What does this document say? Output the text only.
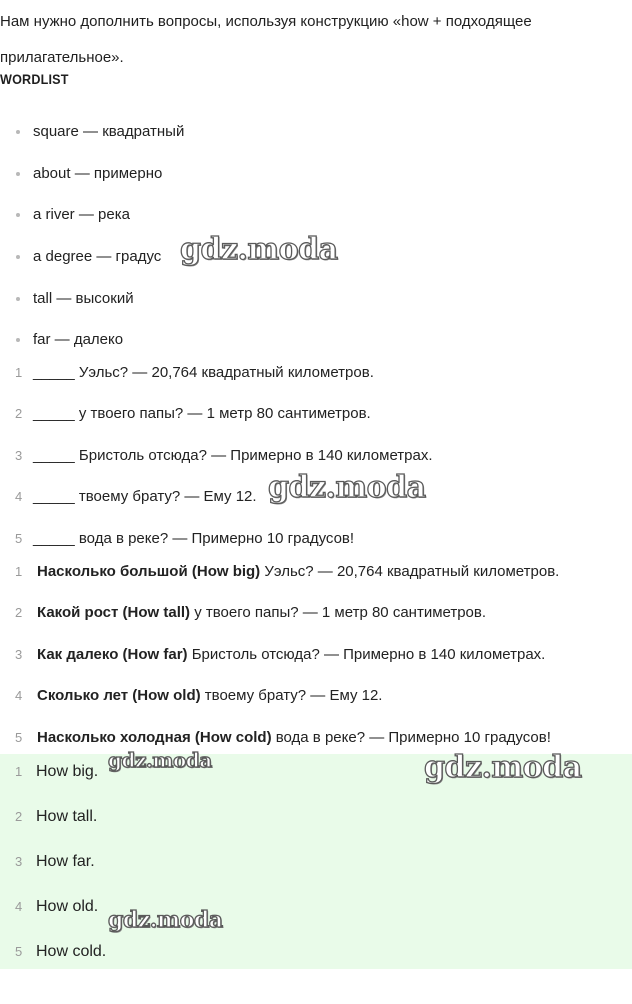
Нам нужно дополнить вопросы, используя конструкцию «how + подходящее прилагательное».

WORDLIST
square — квадратный
about — примерно
a river — река
a degree — градус
tall — высокий
far — далеко
1 _____ Уэльс? — 20,764 квадратный километров.
2 _____ у твоего папы? — 1 метр 80 сантиметров.
3 _____ Бристоль отсюда? — Примерно в 140 километрах.
4 _____ твоему брату? — Ему 12.
5 _____ вода в реке? — Примерно 10 градусов!
1 Насколько большой (How big) Уэльс? — 20,764 квадратный километров.
2 Какой рост (How tall) у твоего папы? — 1 метр 80 сантиметров.
3 Как далеко (How far) Бристоль отсюда? — Примерно в 140 километрах.
4 Сколько лет (How old) твоему брату? — Ему 12.
5 Насколько холодная (How cold) вода в реке? — Примерно 10 градусов!
1 How big.
2 How tall.
3 How far.
4 How old.
5 How cold.
gdz.moda
gdz.moda
gdz.moda
gdz.moda
gdz.moda
